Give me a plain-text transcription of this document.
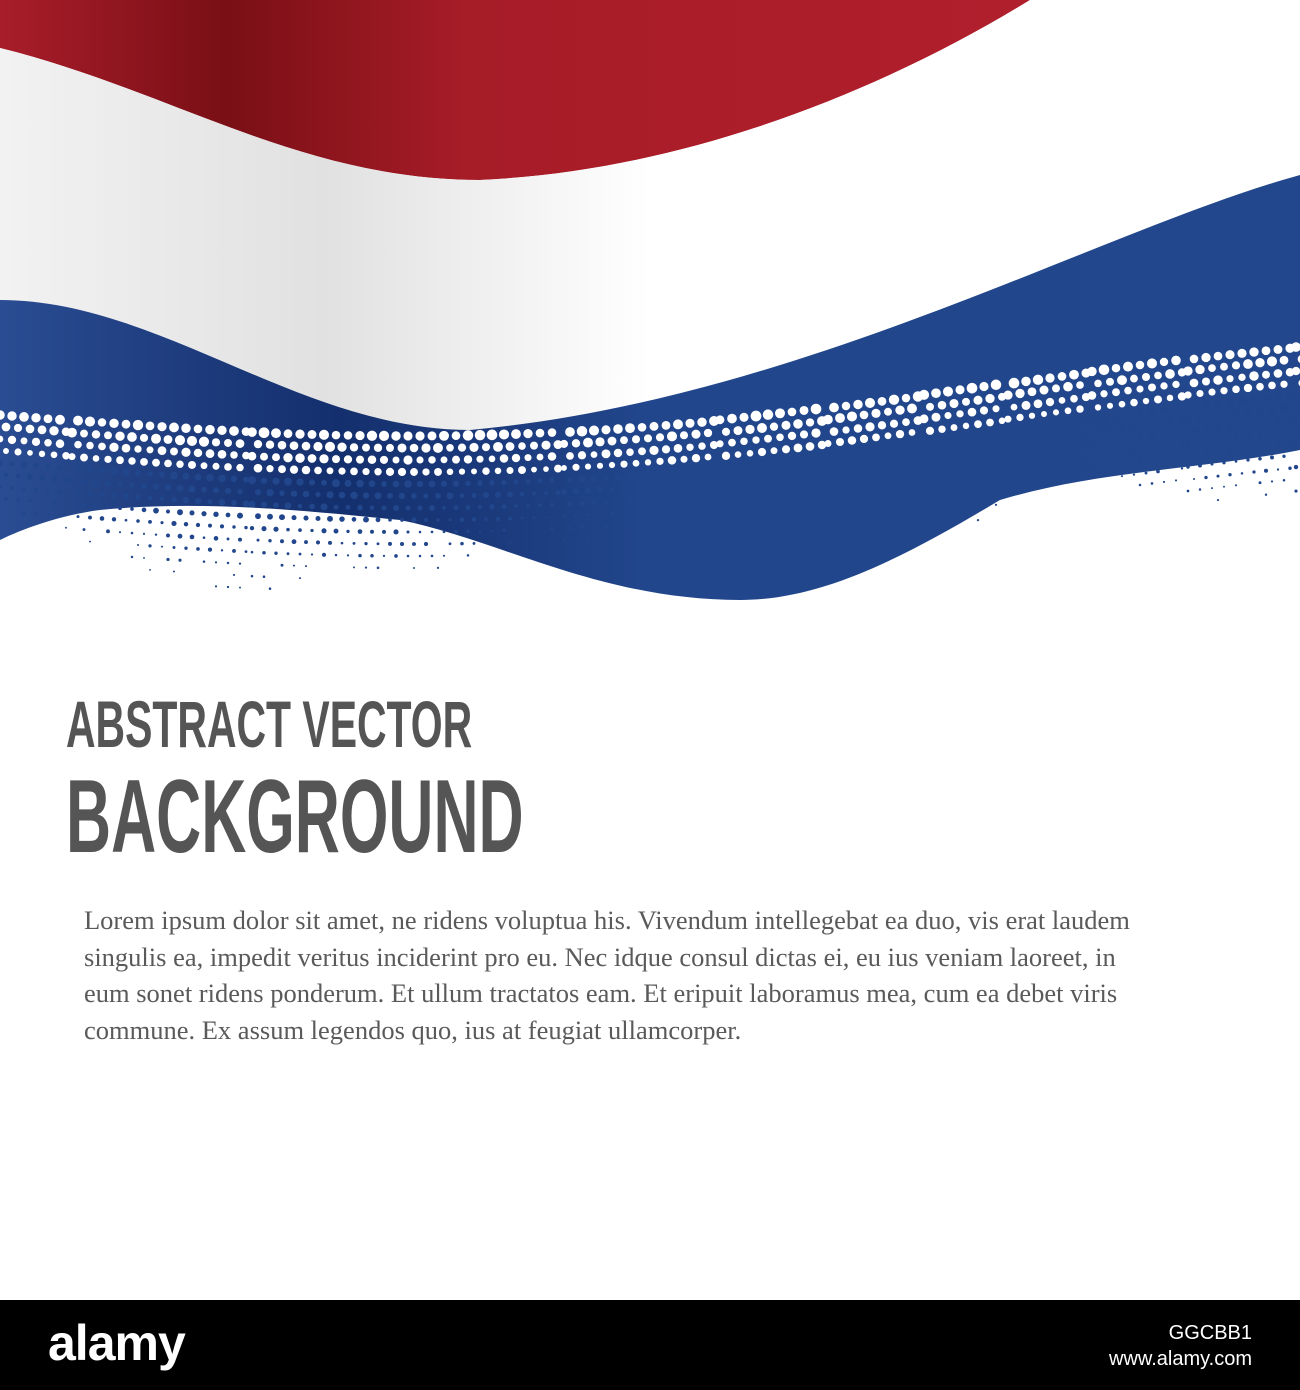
ABSTRACT VECTOR
BACKGROUND

Lorem ipsum dolor sit amet, ne ridens voluptua his. Vivendum intellegebat ea duo, vis erat laudem singulis ea, impedit veritus inciderint pro eu. Nec idque consul dictas ei, eu ius veniam laoreet, in eum sonet ridens ponderum. Et ullum tractatos eam. Et eripuit laboramus mea, cum ea debet viris commune. Ex assum legendos quo, ius at feugiat ullamcorper.

alamy	GGCBB1
www.alamy.com
